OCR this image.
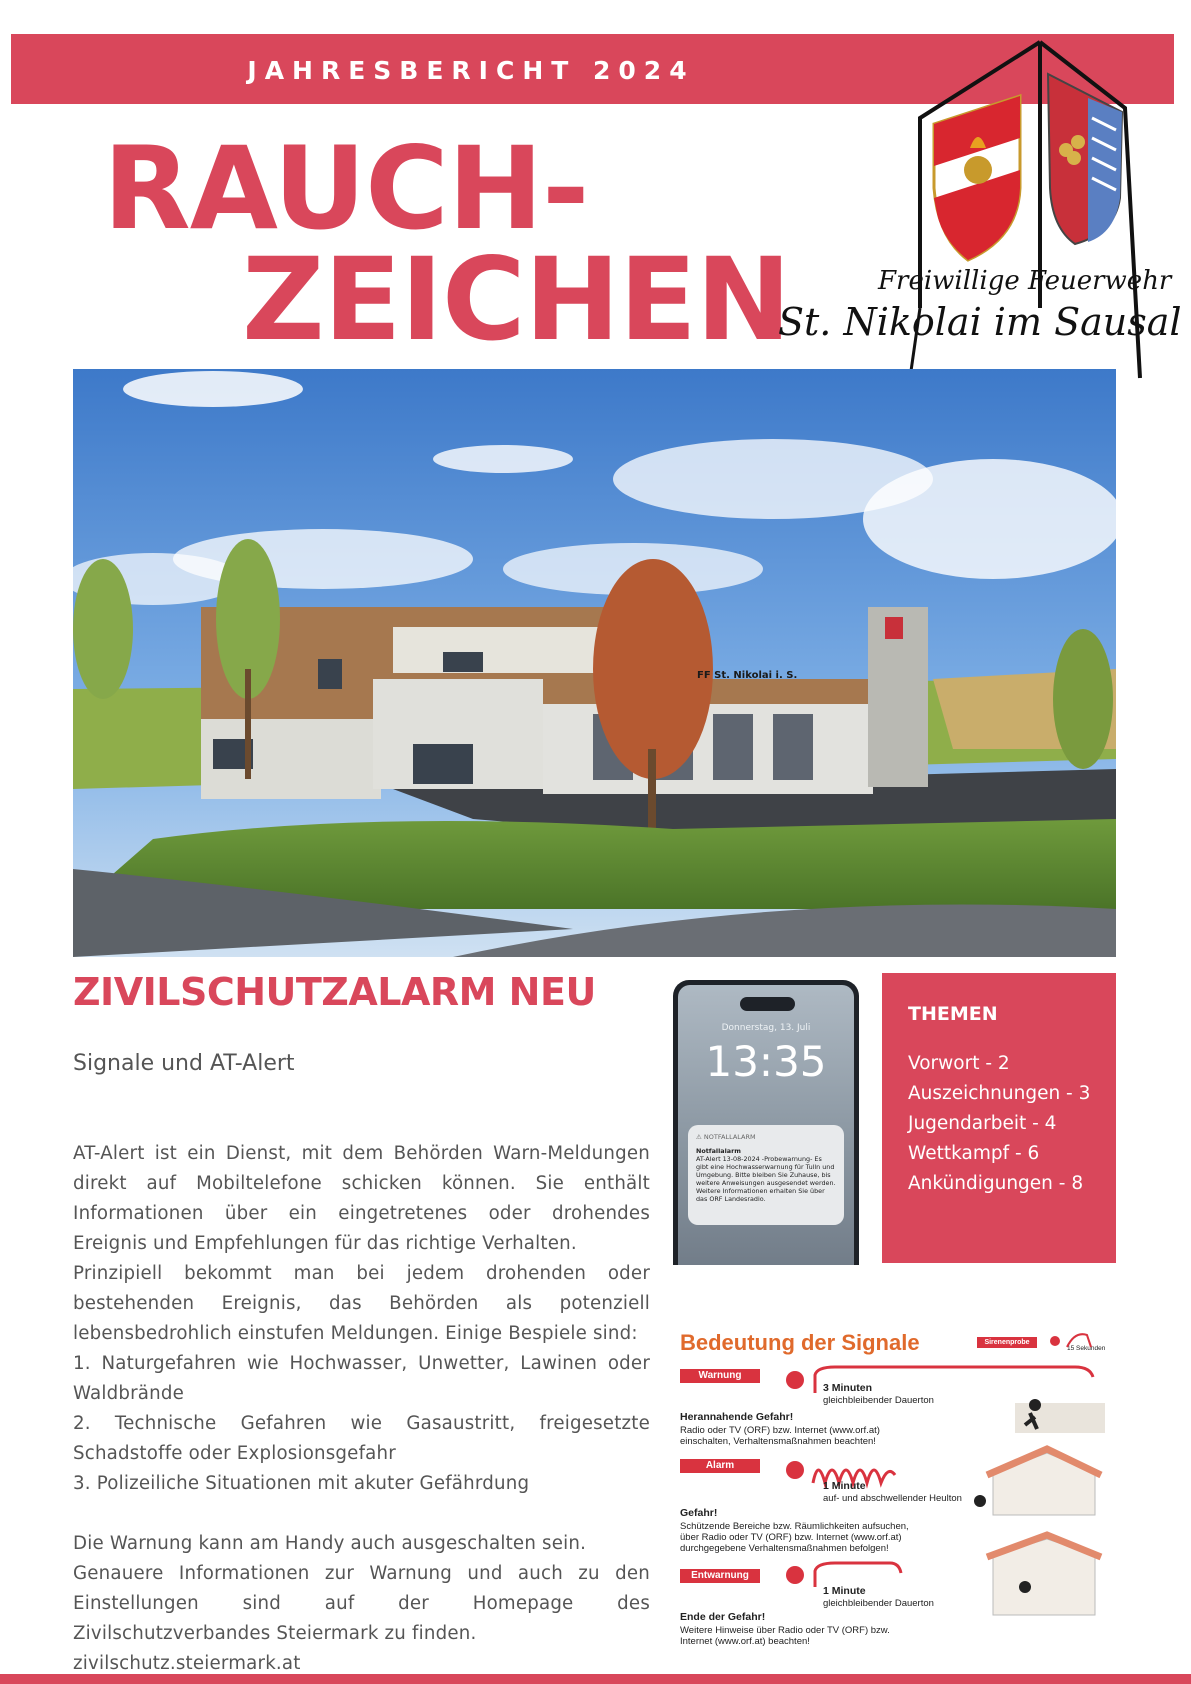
JAHRESBERICHT 2024
RAUCH-
ZEICHEN	Freiwillige Feuerwehr
St. Nikolai im Sausal
FF St. Nikolai i. S.
ZIVILSCHUTZALARM NEU
Signale und AT-Alert

AT-Alert ist ein Dienst, mit dem Behörden Warn-Meldungen direkt auf Mobiltelefone schicken können. Sie enthält Informationen über ein eingetretenes oder drohendes Ereignis und Empfehlungen für das richtige Verhalten.

Prinzipiell bekommt man bei jedem drohenden oder bestehenden Ereignis, das Behörden als potenziell lebensbedrohlich einstufen Meldungen. Einige Bespiele sind:

1. Naturgefahren wie Hochwasser, Unwetter, Lawinen oder Waldbrände

2. Technische Gefahren wie Gasaustritt, freigesetzte Schadstoffe oder Explosionsgefahr

3. Polizeiliche Situationen mit akuter Gefährdung

Die Warnung kann am Handy auch ausgeschalten sein.

Genauere Informationen zur Warnung und auch zu den Einstellungen sind auf der Homepage des Zivilschutzverbandes Steiermark zu finden.

zivilschutz.steiermark.at

Donnerstag, 13. Juli
13:35
⚠ NOTFALLALARM
Notfallalarm
AT-Alert 13-08-2024 -Probewarnung- Es gibt eine Hochwasserwarnung für Tulln und Umgebung. Bitte bleiben Sie Zuhause, bis weitere Anweisungen ausgesendet werden. Weitere Informationen erhalten Sie über das ORF Landesradio.
THEMEN
Vorwort - 2
Auszeichnungen - 3
Jugendarbeit - 4
Wettkampf - 6
Ankündigungen - 8
Bedeutung der Signale	Sirenenprobe
15 Sekunden
Warnung
3 Minuten
gleichbleibender Dauerton
Herannahende Gefahr!
Radio oder TV (ORF) bzw. Internet (www.orf.at) einschalten, Verhaltensmaßnahmen beachten!
Alarm
1 Minute
auf- und abschwellender Heulton
Gefahr!
Schützende Bereiche bzw. Räumlichkeiten aufsuchen, über Radio oder TV (ORF) bzw. Internet (www.orf.at) durchgegebene Verhaltensmaßnahmen befolgen!
Entwarnung
1 Minute
gleichbleibender Dauerton
Ende der Gefahr!
Weitere Hinweise über Radio oder TV (ORF) bzw. Internet (www.orf.at) beachten!
